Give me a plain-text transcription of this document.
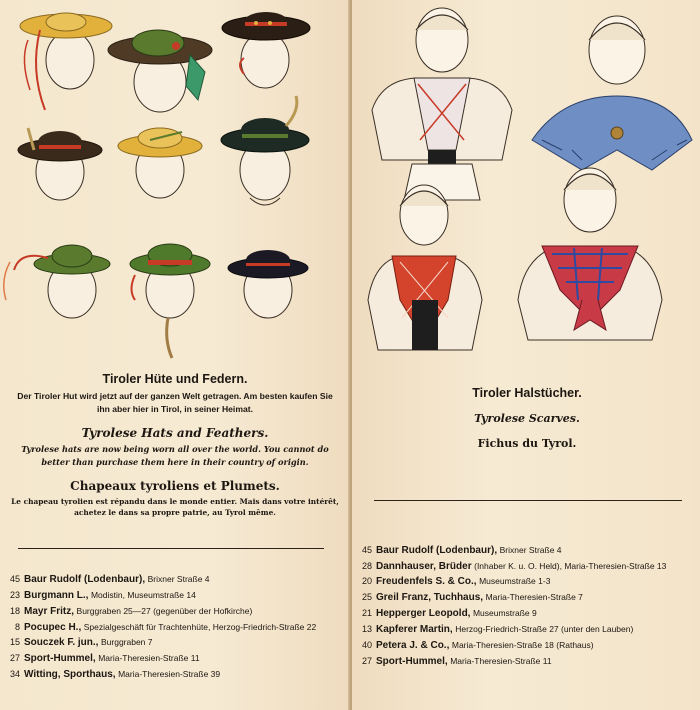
Tiroler Hüte und Federn.
Der Tiroler Hut wird jetzt auf der ganzen Welt getragen. Am besten kaufen Sie ihn aber hier in Tirol, in seiner Heimat.
Tyrolese Hats and Feathers.
Tyrolese hats are now being worn all over the world. You cannot do better than purchase them here in their country of origin.
Chapeaux tyroliens et Plumets.
Le chapeau tyrolien est répandu dans le monde entier. Mais dans votre intérêt, achetez le dans sa propre patrie, au Tyrol même.
45 Baur Rudolf (Lodenbaur), Brixner Straße 4
23 Burgmann L., Modistin, Museumstraße 14
18 Mayr Fritz, Burggraben 25—27 (gegenüber der Hofkirche)
8 Pocupec H., Spezialgeschäft für Trachtenhüte, Herzog-Friedrich-Straße 22
15 Souczek F. jun., Burggraben 7
27 Sport-Hummel, Maria-Theresien-Straße 11
34 Witting, Sporthaus, Maria-Theresien-Straße 39
Tiroler Halstücher.
Tyrolese Scarves.
Fichus du Tyrol.
45 Baur Rudolf (Lodenbaur), Brixner Straße 4
28 Dannhauser, Brüder (Inhaber K. u. O. Held), Maria-Theresien-Straße 13
20 Freudenfels S. & Co., Museumstraße 1-3
25 Greil Franz, Tuchhaus, Maria-Theresien-Straße 7
21 Hepperger Leopold, Museumstraße 9
13 Kapferer Martin, Herzog-Friedrich-Straße 27 (unter den Lauben)
40 Petera J. & Co., Maria-Theresien-Straße 18 (Rathaus)
27 Sport-Hummel, Maria-Theresien-Straße 11
